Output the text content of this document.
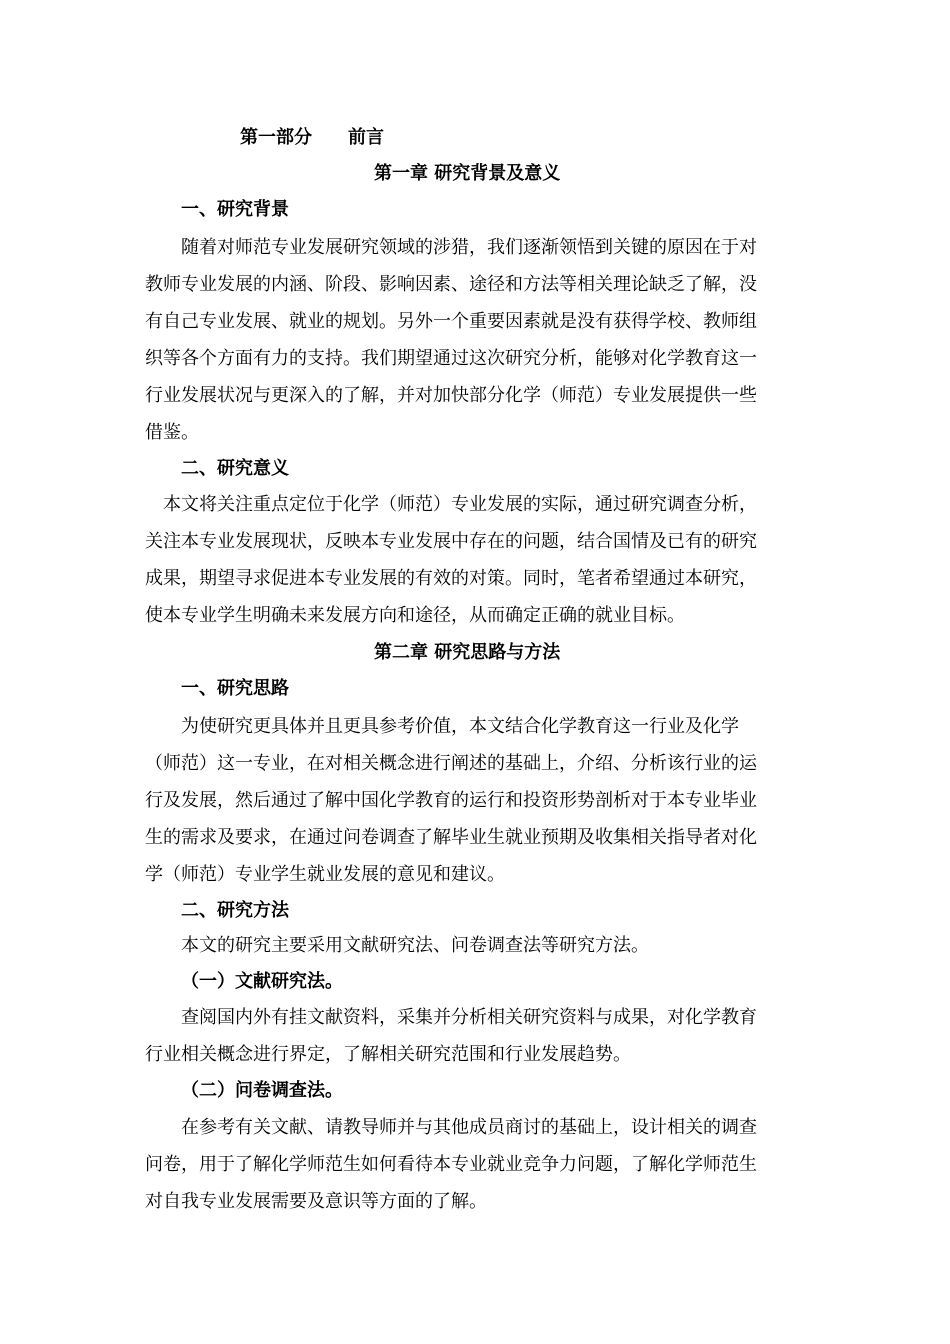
第一部分 前言
第一章 研究背景及意义
一、研究背景
随着对师范专业发展研究领域的涉猎，我们逐渐领悟到关键的原因在于对
教师专业发展的内涵、阶段、影响因素、途径和方法等相关理论缺乏了解，没
有自己专业发展、就业的规划。另外一个重要因素就是没有获得学校、教师组
织等各个方面有力的支持。我们期望通过这次研究分析，能够对化学教育这一
行业发展状况与更深入的了解，并对加快部分化学（师范）专业发展提供一些
借鉴。
二、研究意义
本文将关注重点定位于化学（师范）专业发展的实际，通过研究调查分析，
关注本专业发展现状，反映本专业发展中存在的问题，结合国情及已有的研究
成果，期望寻求促进本专业发展的有效的对策。同时，笔者希望通过本研究，
使本专业学生明确未来发展方向和途径，从而确定正确的就业目标。
第二章 研究思路与方法
一、研究思路
为使研究更具体并且更具参考价值，本文结合化学教育这一行业及化学
（师范）这一专业，在对相关概念进行阐述的基础上，介绍、分析该行业的运
行及发展，然后通过了解中国化学教育的运行和投资形势剖析对于本专业毕业
生的需求及要求，在通过问卷调查了解毕业生就业预期及收集相关指导者对化
学（师范）专业学生就业发展的意见和建议。
二、研究方法
本文的研究主要采用文献研究法、问卷调查法等研究方法。
（一）文献研究法。
查阅国内外有挂文献资料，采集并分析相关研究资料与成果，对化学教育
行业相关概念进行界定，了解相关研究范围和行业发展趋势。
（二）问卷调查法。
在参考有关文献、请教导师并与其他成员商讨的基础上，设计相关的调查
问卷，用于了解化学师范生如何看待本专业就业竞争力问题，了解化学师范生
对自我专业发展需要及意识等方面的了解。
